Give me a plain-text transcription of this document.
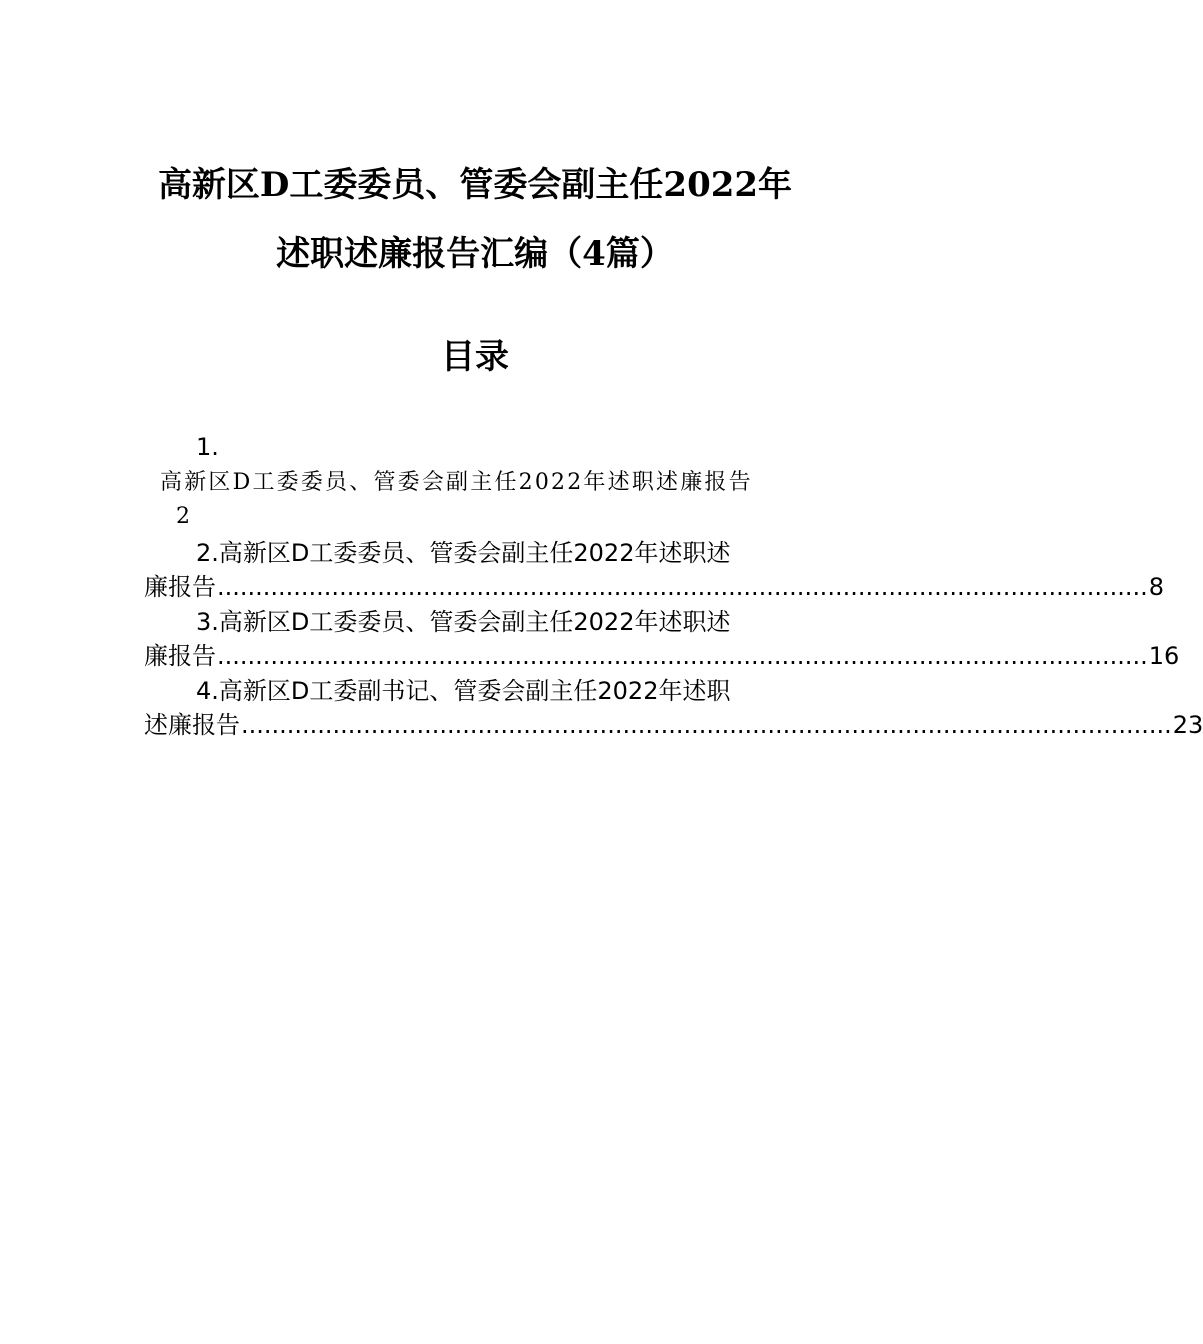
高新区D工委委员、管委会副主任2022年
述职述廉报告汇编（4篇）
目录
1.
高新区D工委委员、管委会副主任2022年述职述廉报告
2
2.高新区D工委委员、管委会副主任2022年述职述
廉报告 .......................................................................................................................... 8
3.高新区D工委委员、管委会副主任2022年述职述
廉报告 .......................................................................................................................... 16
4.高新区D工委副书记、管委会副主任2022年述职
述廉报告 .......................................................................................................................... 23
